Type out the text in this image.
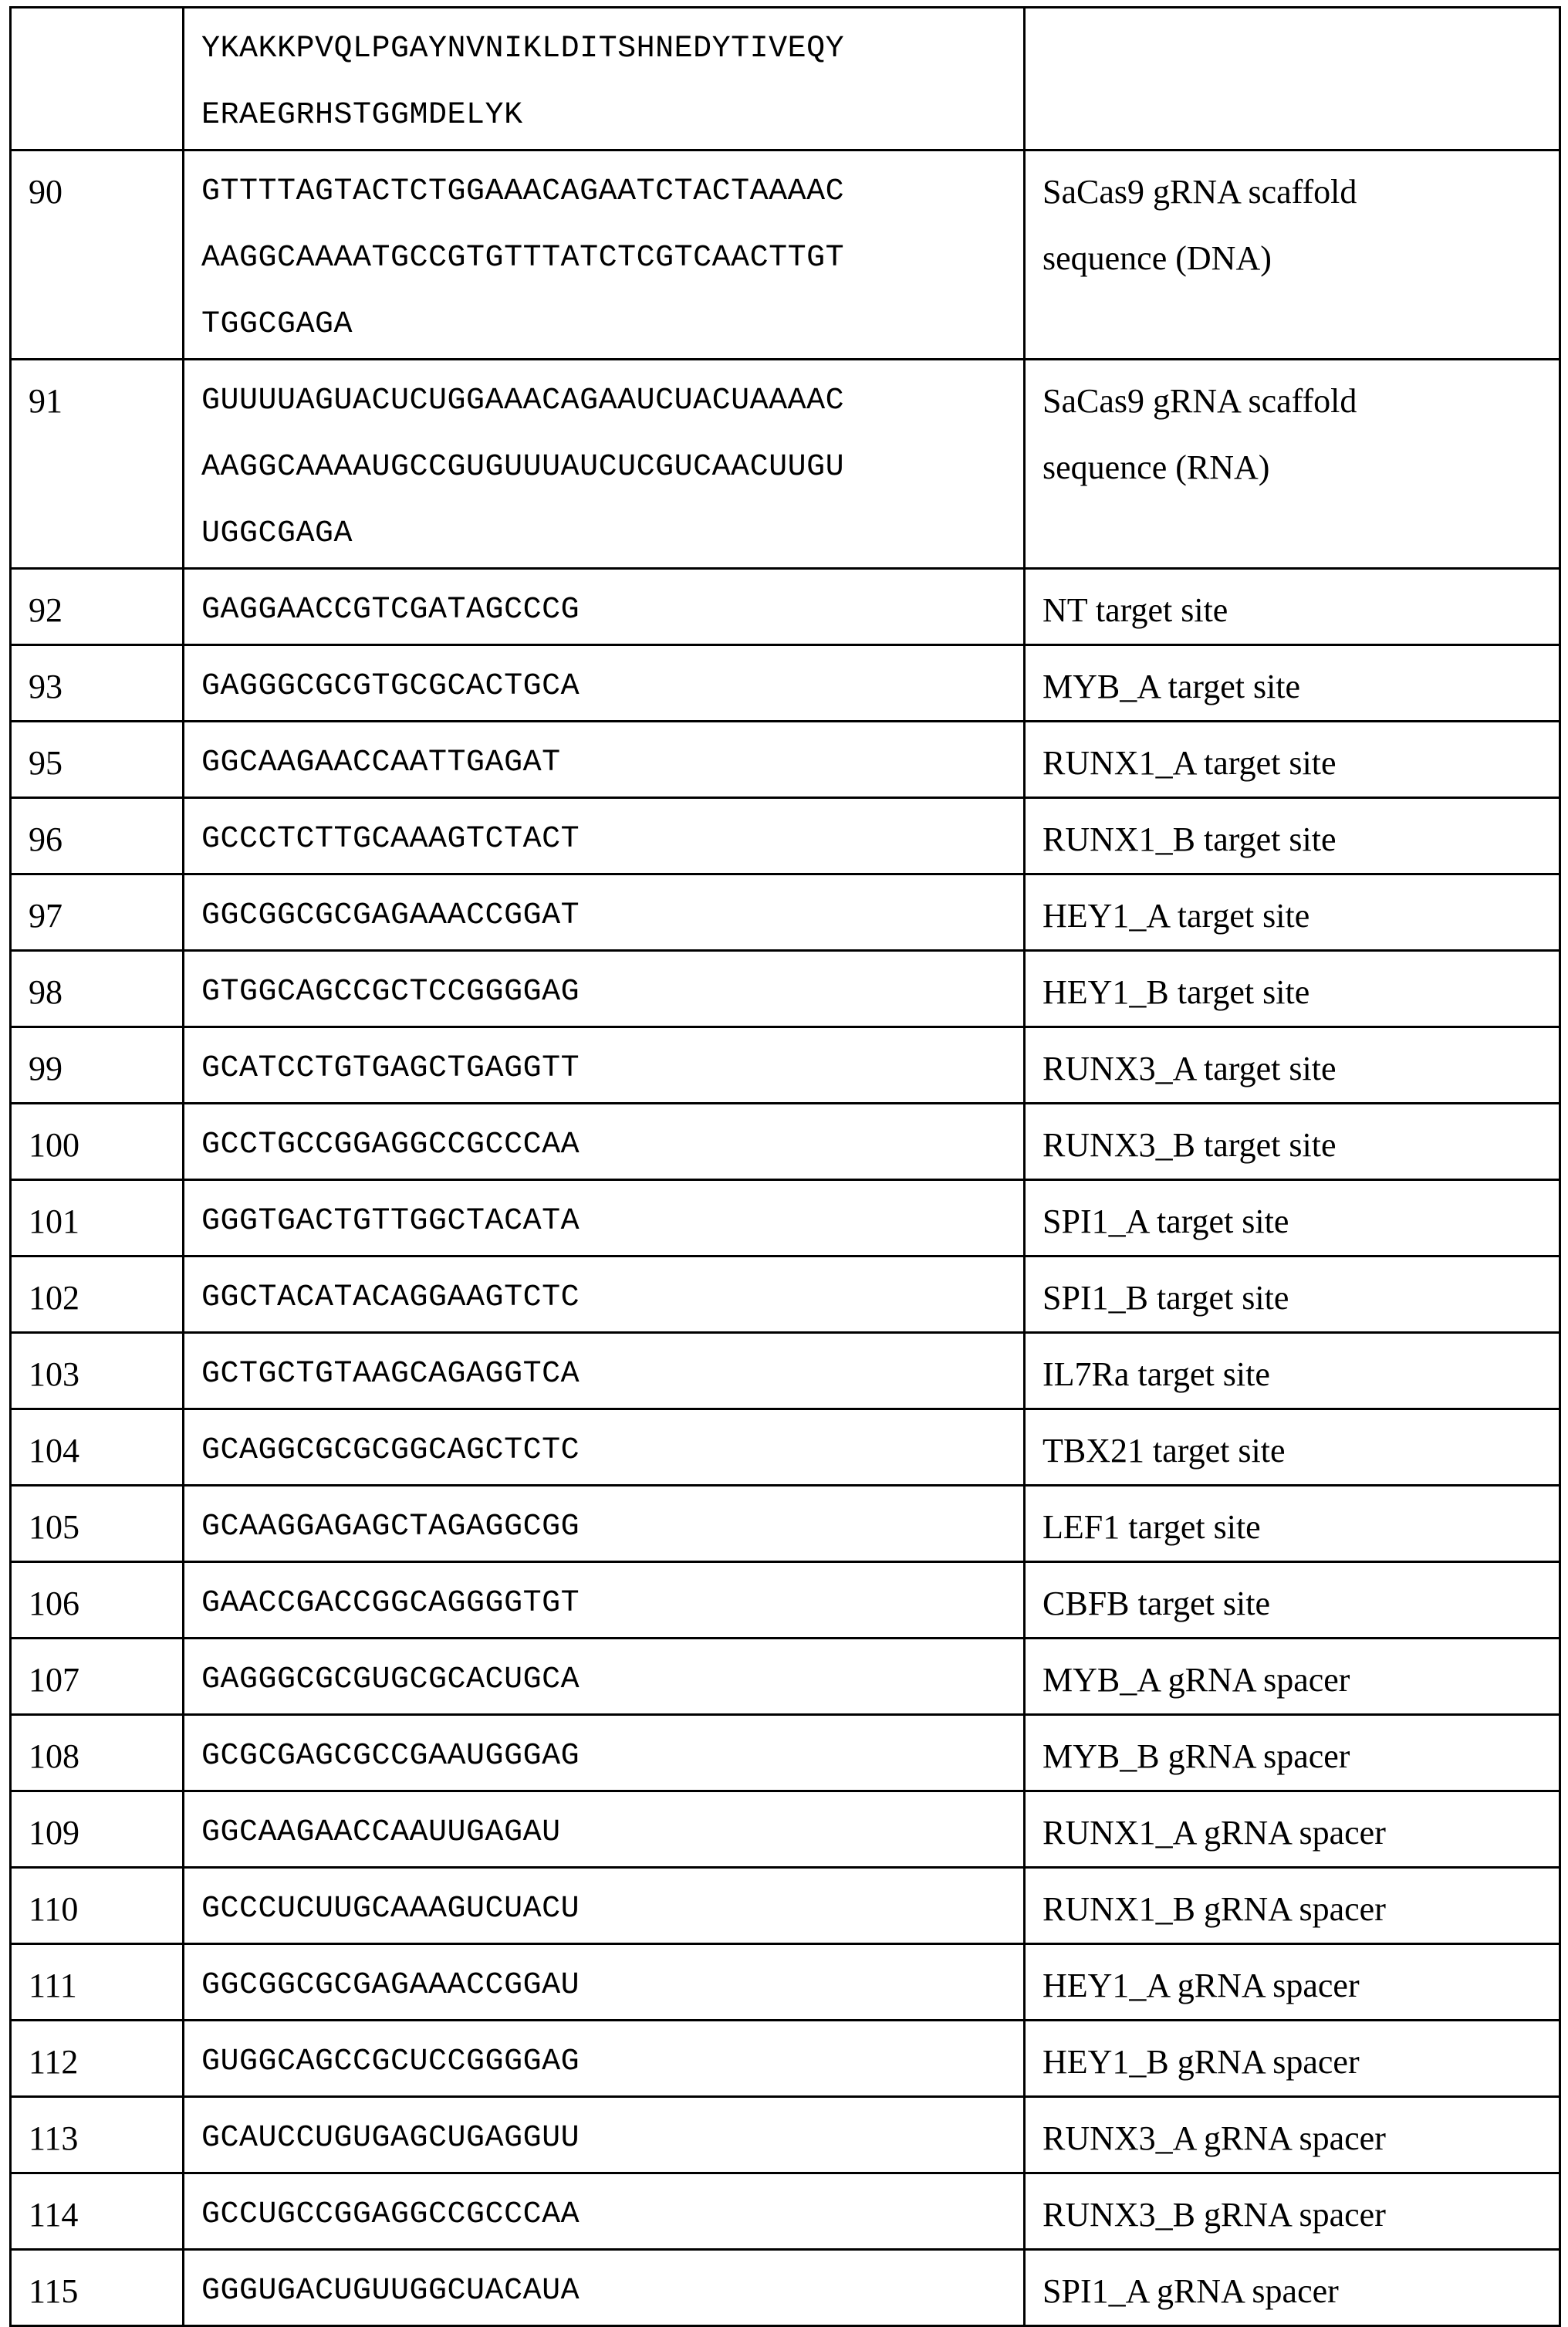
	YKAKKPVQLPGAYNVNIKLDITSHNEDYTIVEQY
ERAEGRHSTGGMDELYK	

90	GTTTTAGTACTCTGGAAACAGAATCTACTAAAAC
AAGGCAAAATGCCGTGTTTATCTCGTCAACTTGT
TGGCGAGA	SaCas9 gRNA scaffold
sequence (DNA)

91	GUUUUAGUACUCUGGAAACAGAAUCUACUAAAAC
AAGGCAAAAUGCCGUGUUUAUCUCGUCAACUUGU
UGGCGAGA	SaCas9 gRNA scaffold
sequence (RNA)

92	GAGGAACCGTCGATAGCCCG	NT target site

93	GAGGGCGCGTGCGCACTGCA	MYB_A target site

95	GGCAAGAACCAATTGAGAT	RUNX1_A target site

96	GCCCTCTTGCAAAGTCTACT	RUNX1_B target site

97	GGCGGCGCGAGAAACCGGAT	HEY1_A target site

98	GTGGCAGCCGCTCCGGGGAG	HEY1_B target site

99	GCATCCTGTGAGCTGAGGTT	RUNX3_A target site

100	GCCTGCCGGAGGCCGCCCAA	RUNX3_B target site

101	GGGTGACTGTTGGCTACATA	SPI1_A target site

102	GGCTACATACAGGAAGTCTC	SPI1_B target site

103	GCTGCTGTAAGCAGAGGTCA	IL7Ra target site

104	GCAGGCGCGCGGCAGCTCTC	TBX21 target site

105	GCAAGGAGAGCTAGAGGCGG	LEF1 target site

106	GAACCGACCGGCAGGGGTGT	CBFB target site

107	GAGGGCGCGUGCGCACUGCA	MYB_A gRNA spacer

108	GCGCGAGCGCCGAAUGGGAG	MYB_B gRNA spacer

109	GGCAAGAACCAAUUGAGAU	RUNX1_A gRNA spacer

110	GCCCUCUUGCAAAGUCUACU	RUNX1_B gRNA spacer

111	GGCGGCGCGAGAAACCGGAU	HEY1_A gRNA spacer

112	GUGGCAGCCGCUCCGGGGAG	HEY1_B gRNA spacer

113	GCAUCCUGUGAGCUGAGGUU	RUNX3_A gRNA spacer

114	GCCUGCCGGAGGCCGCCCAA	RUNX3_B gRNA spacer

115	GGGUGACUGUUGGCUACAUA	SPI1_A gRNA spacer
